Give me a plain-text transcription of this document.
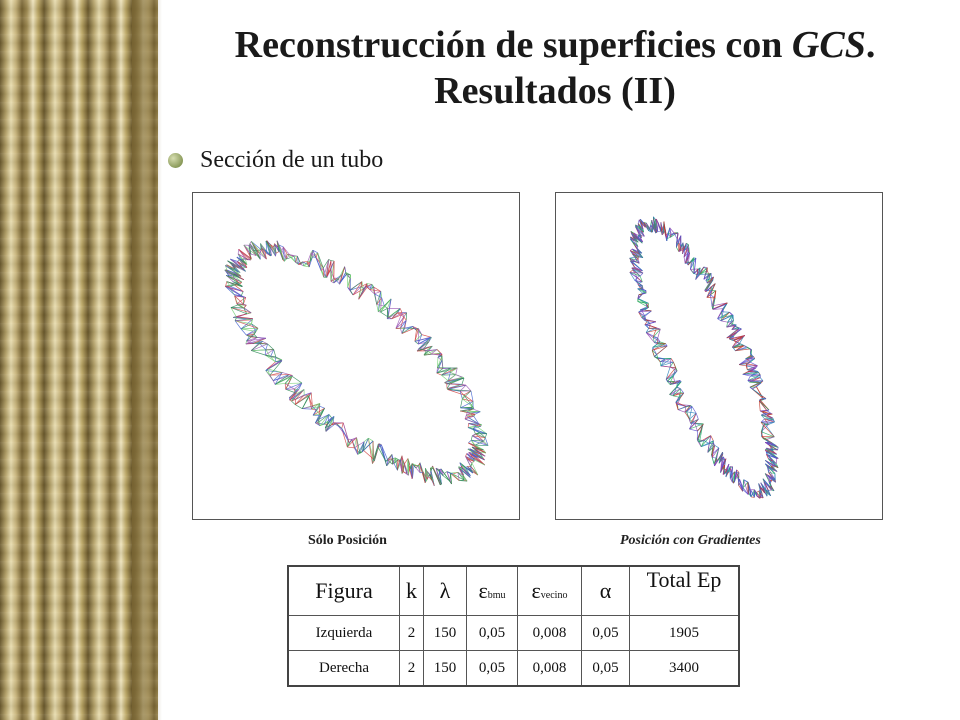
Reconstrucción de superficies con GCS.
Resultados (II)
Sección de un tubo
Sólo Posición	Posición con Gradientes
Figura	k	λ	εbmu	εvecino	α	Total Ep
Izquierda	2	150	0,05	0,008	0,05	1905
Derecha	2	150	0,05	0,008	0,05	3400
